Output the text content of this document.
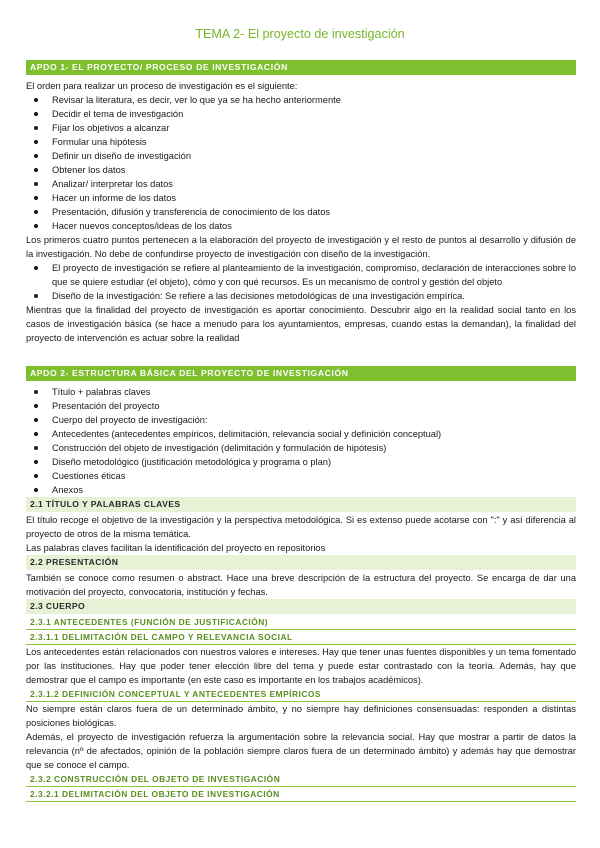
TEMA 2- El proyecto de investigación
APDO 1- EL PROYECTO/ PROCESO DE INVESTIGACIÓN

El orden para realizar un proceso de investigación es el siguiente:

Revisar la literatura, es decir, ver lo que ya se ha hecho anteriormente
Decidir el tema de investigación
Fijar los objetivos a alcanzar
Formular una hipótesis
Definir un diseño de investigación
Obtener los datos
Analizar/ interpretar los datos
Hacer un informe de los datos
Presentación, difusión y transferencia de conocimiento de los datos
Hacer nuevos conceptos/ideas de los datos

Los primeros cuatro puntos pertenecen a la elaboración del proyecto de investigación y el resto de puntos al desarrollo y difusión de la investigación. No debe de confundirse proyecto de investigación con diseño de la investigación.

El proyecto de investigación se refiere al planteamiento de la investigación, compromiso, declaración de interacciones sobre lo que se quiere estudiar (el objeto), cómo y con qué recursos. Es un mecanismo de control y gestión del objeto
Diseño de la investigación: Se refiere a las decisiones metodológicas de una investigación empírica.

Mientras que la finalidad del proyecto de investigación es aportar conocimiento. Descubrir algo en la realidad social tanto en los casos de investigación básica (se hace a menudo para los ayuntamientos, empresas, cuando estas la demandan), la finalidad del proyecto de intervención es actuar sobre la realidad

APDO 2- ESTRUCTURA BÁSICA DEL PROYECTO DE INVESTIGACIÓN
Título + palabras claves
Presentación del proyecto
Cuerpo del proyecto de investigación:
Antecedentes (antecedentes empíricos, delimitación, relevancia social y definición conceptual)
Construcción del objeto de investigación (delimitación y formulación de hipótesis)
Diseño metodológico (justificación metodológica y programa o plan)
Cuestiones éticas
Anexos
2.1 TÍTULO Y PALABRAS CLAVES

El título recoge el objetivo de la investigación y la perspectiva metodológica. Si es extenso puede acotarse con ":" y así diferencia al proyecto de otros de la misma temática.

Las palabras claves facilitan la identificación del proyecto en repositorios

2.2 PRESENTACIÓN

También se conoce como resumen o abstract. Hace una breve descripción de la estructura del proyecto. Se encarga de dar una motivación del proyecto, convocatoria, institución y fechas.

2.3 CUERPO
2.3.1 ANTECEDENTES (FUNCIÓN DE JUSTIFICACIÓN)
2.3.1.1 DELIMITACIÓN DEL CAMPO Y RELEVANCIA SOCIAL

Los antecedentes están relacionados con nuestros valores e intereses. Hay que tener unas fuentes disponibles y un tema fomentado por las instituciones. Hay que poder tener elección libre del tema y puede estar contrastado con la teoría. Además, hay que demostrar que el campo es importante (en este caso es importante en los trabajos académicos).

2.3.1.2 DEFINICIÓN CONCEPTUAL Y ANTECEDENTES EMPÍRICOS

No siempre están claros fuera de un determinado ámbito, y no siempre hay definiciones consensuadas: responden a distintas posiciones biológicas.

Además, el proyecto de investigación refuerza la argumentación sobre la relevancia social. Hay que mostrar a partir de datos la relevancia (nº de afectados, opinión de la población siempre claros fuera de un determinado ámbito) y además hay que demostrar que se conoce el campo.

2.3.2 CONSTRUCCIÓN DEL OBJETO DE INVESTIGACIÓN
2.3.2.1 DELIMITACIÓN DEL OBJETO DE INVESTIGACIÓN
